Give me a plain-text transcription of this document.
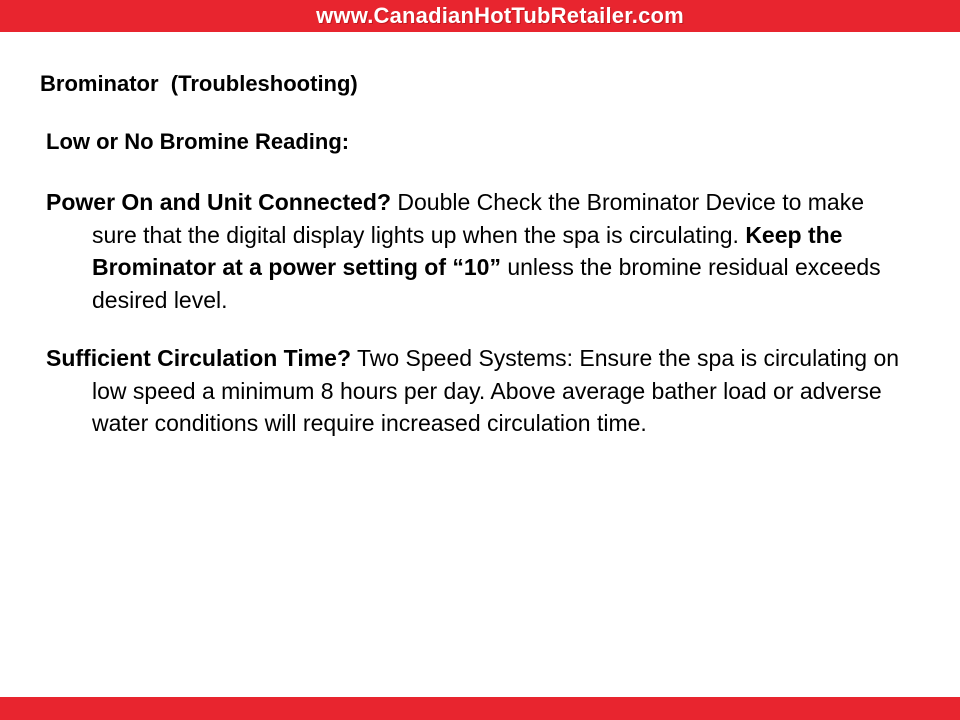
www.CanadianHotTubRetailer.com
Brominator  (Troubleshooting)
Low or No Bromine Reading:
Power On and Unit Connected? Double Check the Brominator Device to make sure that the digital display lights up when the spa is circulating. Keep the Brominator at a power setting of “10” unless the bromine residual exceeds desired level.
Sufficient Circulation Time? Two Speed Systems: Ensure the spa is circulating on low speed a minimum 8 hours per day. Above average bather load or adverse water conditions will require increased circulation time.
